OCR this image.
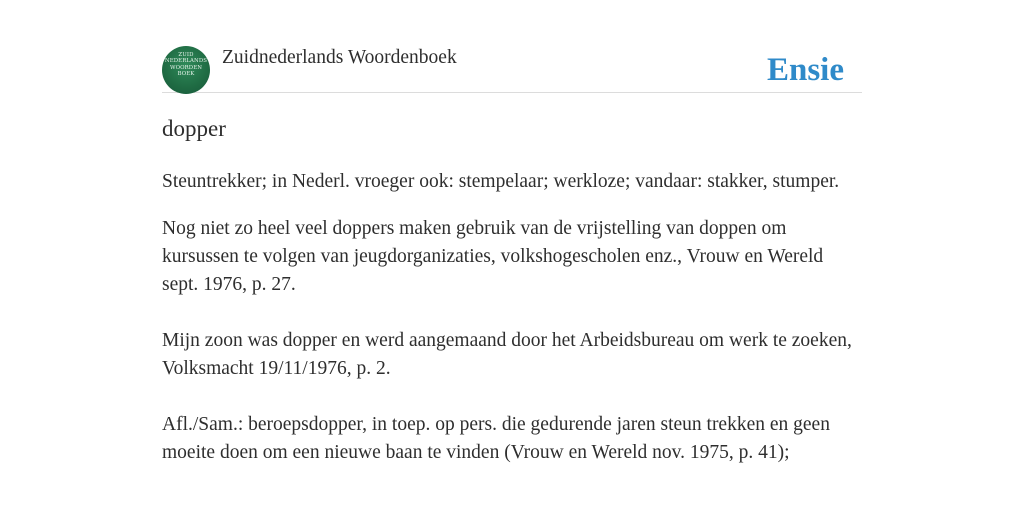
ZUID
NEDERLANDS
WOORDEN
BOEK
Zuidnederlands Woordenboek	Ensie
dopper

Steuntrekker; in Nederl. vroeger ook: stempelaar; werkloze; vandaar: stakker, stumper.

Nog niet zo heel veel doppers maken gebruik van de vrijstelling van doppen om kursussen te volgen van jeugdorganizaties, volkshogescholen enz., Vrouw en Wereld sept. 1976, p. 27.

Mijn zoon was dopper en werd aangemaand door het Arbeidsbureau om werk te zoeken, Volksmacht 19/11/1976, p. 2.

Afl./Sam.: beroepsdopper, in toep. op pers. die gedurende jaren steun trekken en geen moeite doen om een nieuwe baan te vinden (Vrouw en Wereld nov. 1975, p. 41);
